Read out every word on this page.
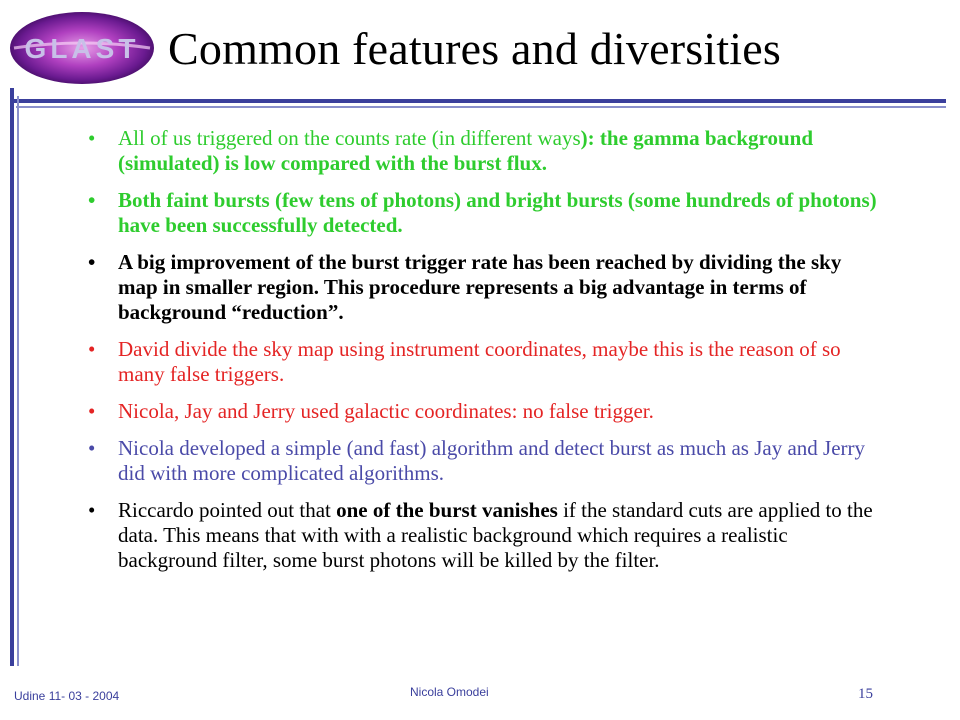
GLAST Common features and diversities
• All of us triggered on the counts rate (in different ways): the gamma background (simulated) is low compared with the burst flux.
• Both faint bursts (few tens of photons) and bright bursts (some hundreds of photons) have been successfully detected.
• A big improvement of the burst trigger rate has been reached by dividing the sky map in smaller region. This procedure represents a big advantage in terms of background “reduction”.
• David divide the sky map using instrument coordinates, maybe this is the reason of so many false triggers.
• Nicola, Jay and Jerry used galactic coordinates: no false trigger.
• Nicola developed a simple (and fast) algorithm and detect burst as much as Jay and Jerry did with more complicated algorithms.
• Riccardo pointed out that one of the burst vanishes if the standard cuts are applied to the data. This means that with with a realistic background which requires a realistic background filter, some burst photons will be killed by the filter.
Udine 11- 03 - 2004	Nicola Omodei	15
